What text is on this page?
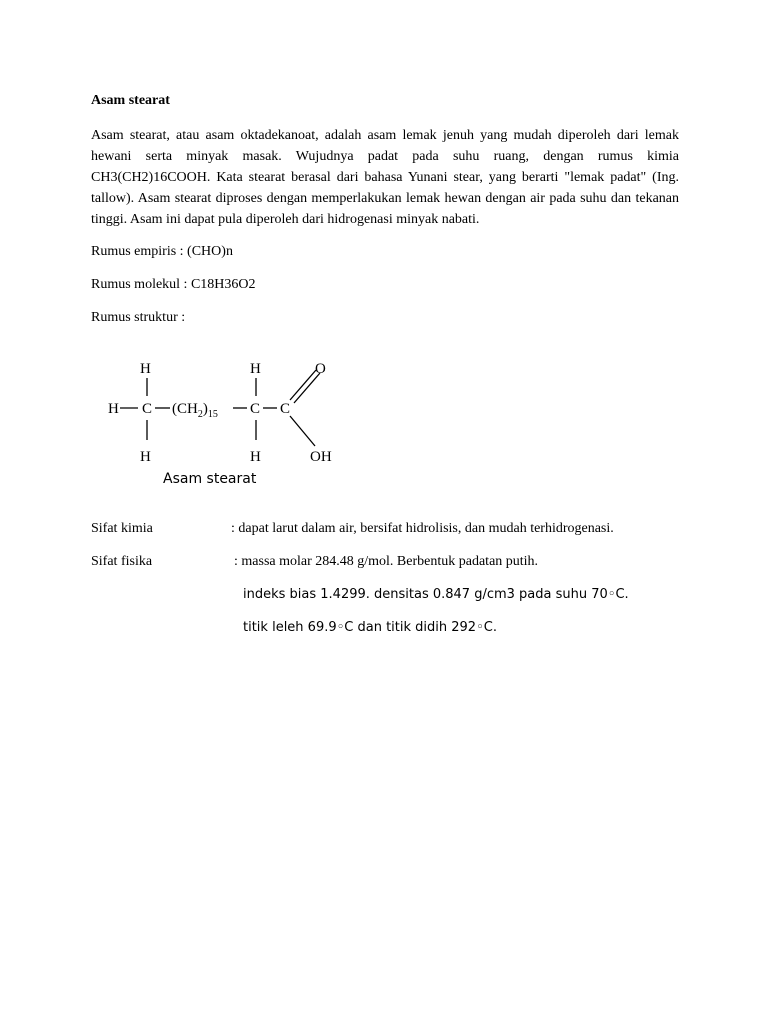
Asam stearat

Asam stearat, atau asam oktadekanoat, adalah asam lemak jenuh yang mudah diperoleh dari lemak hewani serta minyak masak. Wujudnya padat pada suhu ruang, dengan rumus kimia CH3(CH2)16COOH. Kata stearat berasal dari bahasa Yunani stear, yang berarti "lemak padat" (Ing. tallow). Asam stearat diproses dengan memperlakukan lemak hewan dengan air pada suhu dan tekanan tinggi. Asam ini dapat pula diperoleh dari hidrogenasi minyak nabati.

Rumus empiris : (CHO)n
Rumus molekul : C18H36O2
Rumus struktur :
H	H	O
H C $(CH_2)_{15}$ C C
H	H	OH
Asam stearat
Sifat kimia	: dapat larut dalam air, bersifat hidrolisis, dan mudah terhidrogenasi.
Sifat fisika	: massa molar 284.48 g/mol. Berbentuk padatan putih.
indeks bias 1.4299. densitas 0.847 g/cm3 pada suhu 70◦C.
titik leleh 69.9◦C dan titik didih 292◦C.
